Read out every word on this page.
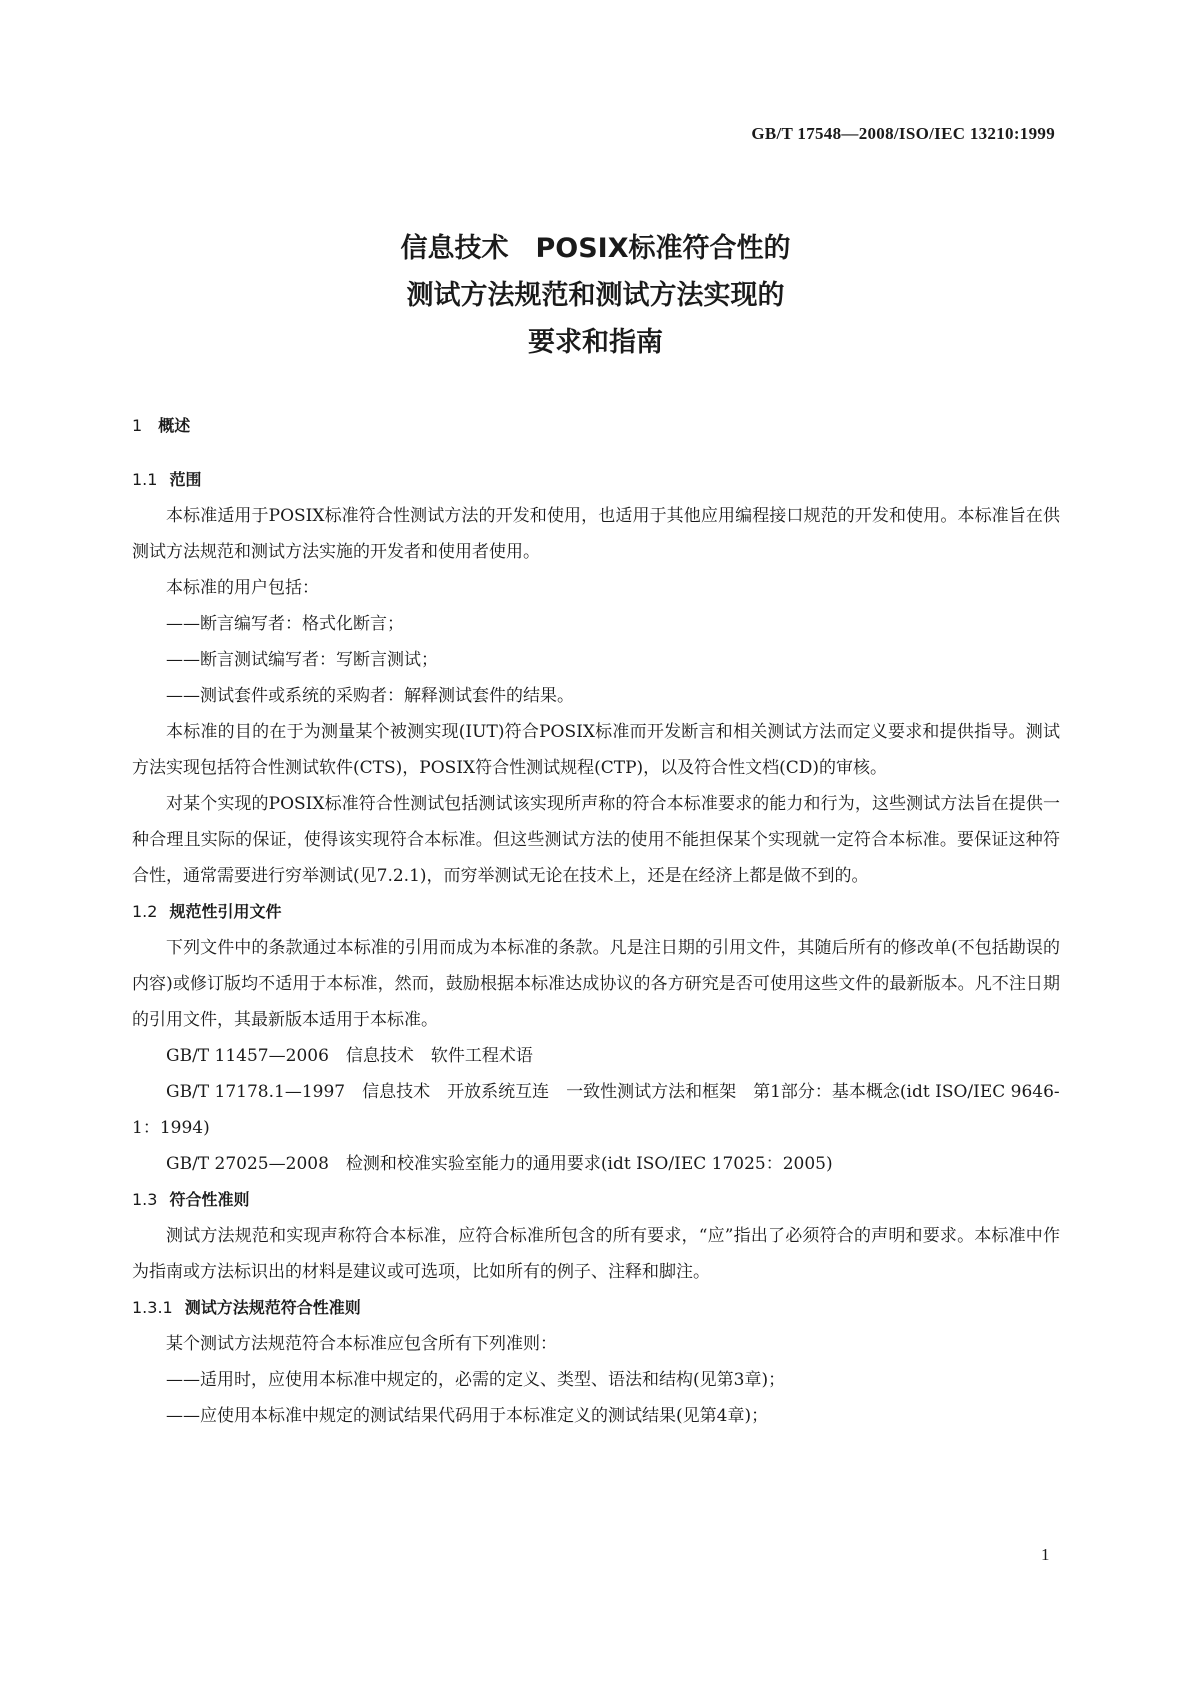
GB/T 17548—2008/ISO/IEC 13210:1999
信息技术　POSIX标准符合性的
测试方法规范和测试方法实现的
要求和指南
1 概述
1.1 范围

本标准适用于POSIX标准符合性测试方法的开发和使用，也适用于其他应用编程接口规范的开发和使用。本标准旨在供测试方法规范和测试方法实施的开发者和使用者使用。

本标准的用户包括：

——断言编写者：格式化断言；

——断言测试编写者：写断言测试；

——测试套件或系统的采购者：解释测试套件的结果。

本标准的目的在于为测量某个被测实现(IUT)符合POSIX标准而开发断言和相关测试方法而定义要求和提供指导。测试方法实现包括符合性测试软件(CTS)，POSIX符合性测试规程(CTP)，以及符合性文档(CD)的审核。

对某个实现的POSIX标准符合性测试包括测试该实现所声称的符合本标准要求的能力和行为，这些测试方法旨在提供一种合理且实际的保证，使得该实现符合本标准。但这些测试方法的使用不能担保某个实现就一定符合本标准。要保证这种符合性，通常需要进行穷举测试(见7.2.1)，而穷举测试无论在技术上，还是在经济上都是做不到的。

1.2 规范性引用文件

下列文件中的条款通过本标准的引用而成为本标准的条款。凡是注日期的引用文件，其随后所有的修改单(不包括勘误的内容)或修订版均不适用于本标准，然而，鼓励根据本标准达成协议的各方研究是否可使用这些文件的最新版本。凡不注日期的引用文件，其最新版本适用于本标准。

GB/T 11457—2006　信息技术　软件工程术语

GB/T 17178.1—1997　信息技术　开放系统互连　一致性测试方法和框架　第1部分：基本概念(idt ISO/IEC 9646-1：1994)

GB/T 27025—2008　检测和校准实验室能力的通用要求(idt ISO/IEC 17025：2005)

1.3 符合性准则

测试方法规范和实现声称符合本标准，应符合标准所包含的所有要求，“应”指出了必须符合的声明和要求。本标准中作为指南或方法标识出的材料是建议或可选项，比如所有的例子、注释和脚注。

1.3.1 测试方法规范符合性准则

某个测试方法规范符合本标准应包含所有下列准则：

——适用时，应使用本标准中规定的，必需的定义、类型、语法和结构(见第3章)；

——应使用本标准中规定的测试结果代码用于本标准定义的测试结果(见第4章)；

1
